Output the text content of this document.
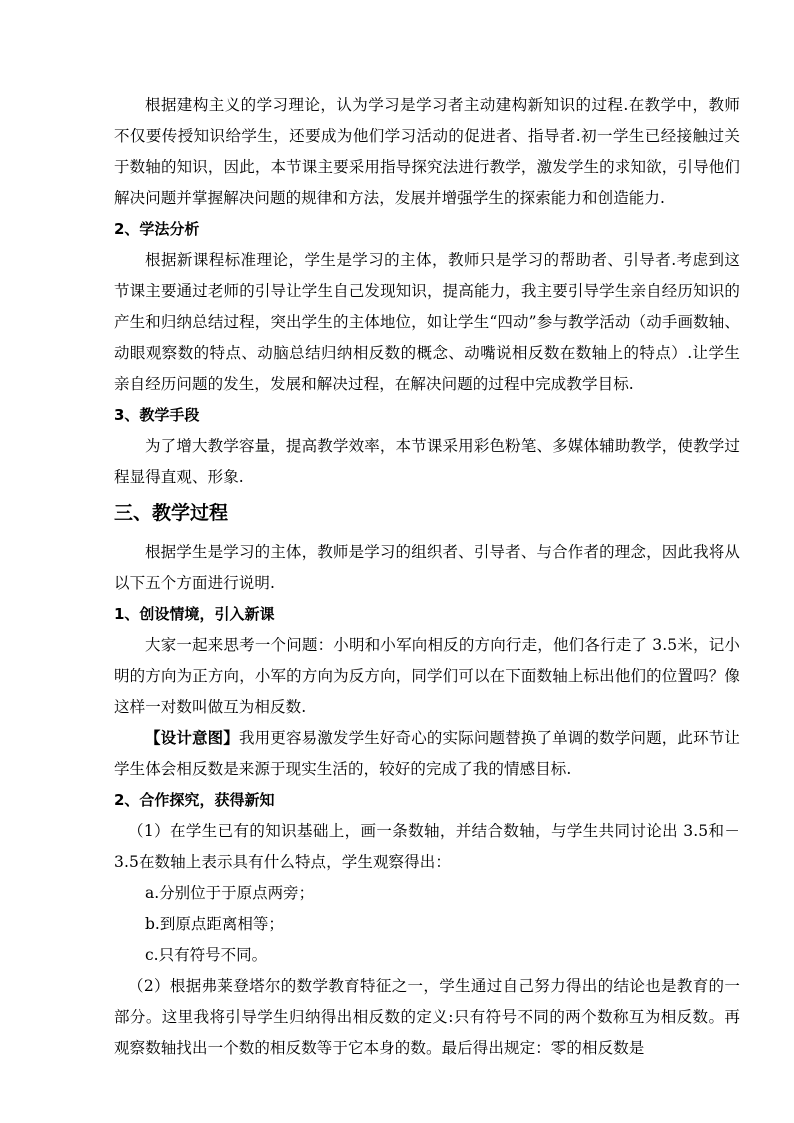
根据建构主义的学习理论，认为学习是学习者主动建构新知识的过程.在教学中，教师不仅要传授知识给学生，还要成为他们学习活动的促进者、指导者.初一学生已经接触过关于数轴的知识，因此，本节课主要采用指导探究法进行教学，激发学生的求知欲，引导他们解决问题并掌握解决问题的规律和方法，发展并增强学生的探索能力和创造能力.

2、学法分析

根据新课程标准理论，学生是学习的主体，教师只是学习的帮助者、引导者.考虑到这节课主要通过老师的引导让学生自己发现知识，提高能力，我主要引导学生亲自经历知识的产生和归纳总结过程，突出学生的主体地位，如让学生“四动”参与教学活动（动手画数轴、动眼观察数的特点、动脑总结归纳相反数的概念、动嘴说相反数在数轴上的特点）.让学生亲自经历问题的发生，发展和解决过程，在解决问题的过程中完成教学目标.

3、教学手段

为了增大教学容量，提高教学效率，本节课采用彩色粉笔、多媒体辅助教学，使教学过程显得直观、形象.

三、教学过程

根据学生是学习的主体，教师是学习的组织者、引导者、与合作者的理念，因此我将从以下五个方面进行说明.

1、创设情境，引入新课

大家一起来思考一个问题：小明和小军向相反的方向行走，他们各行走了 3.5米，记小明的方向为正方向，小军的方向为反方向，同学们可以在下面数轴上标出他们的位置吗？像这样一对数叫做互为相反数.

【设计意图】我用更容易激发学生好奇心的实际问题替换了单调的数学问题，此环节让学生体会相反数是来源于现实生活的，较好的完成了我的情感目标.

2、合作探究，获得新知

（1）在学生已有的知识基础上，画一条数轴，并结合数轴，与学生共同讨论出 3.5和－3.5在数轴上表示具有什么特点，学生观察得出：

a.分别位于于原点两旁；

b.到原点距离相等；

c.只有符号不同。

（2）根据弗莱登塔尔的数学教育特征之一，学生通过自己努力得出的结论也是教育的一部分。这里我将引导学生归纳得出相反数的定义:只有符号不同的两个数称互为相反数。再观察数轴找出一个数的相反数等于它本身的数。最后得出规定：零的相反数是
